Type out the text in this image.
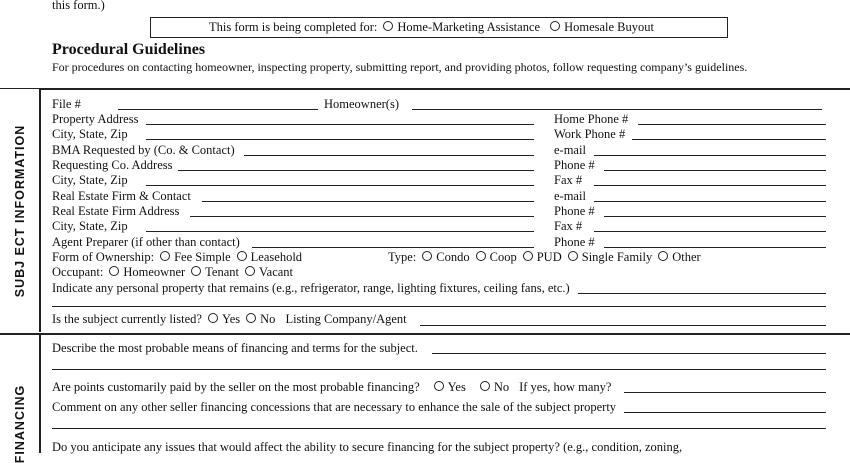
this form.)
This form is being completed for: Home-Marketing Assistance Homesale Buyout
Procedural Guidelines
For procedures on contacting homeowner, inspecting property, submitting report, and providing photos, follow requesting company’s guidelines.
SUBJ ECT INFORMATION
FINANCING
File #	Homeowner(s)
Property Address
City, State, Zip
BMA Requested by (Co. & Contact)
Requesting Co. Address
City, State, Zip
Real Estate Firm & Contact
Real Estate Firm Address
City, State, Zip
Agent Preparer (if other than contact)
Home Phone #
Work Phone #
e-mail
Phone #
Fax #
e-mail
Phone #
Fax #
Phone #
Form of Ownership: Fee Simple Leasehold	Type: Condo Coop PUD Single Family Other
Occupant: Homeowner Tenant Vacant
Indicate any personal property that remains (e.g., refrigerator, range, lighting fixtures, ceiling fans, etc.)
Is the subject currently listed? Yes No Listing Company/Agent
Describe the most probable means of financing and terms for the subject.
Are points customarily paid by the seller on the most probable financing? Yes No If yes, how many?
Comment on any other seller financing concessions that are necessary to enhance the sale of the subject property
Do you anticipate any issues that would affect the ability to secure financing for the subject property? (e.g., condition, zoning,
